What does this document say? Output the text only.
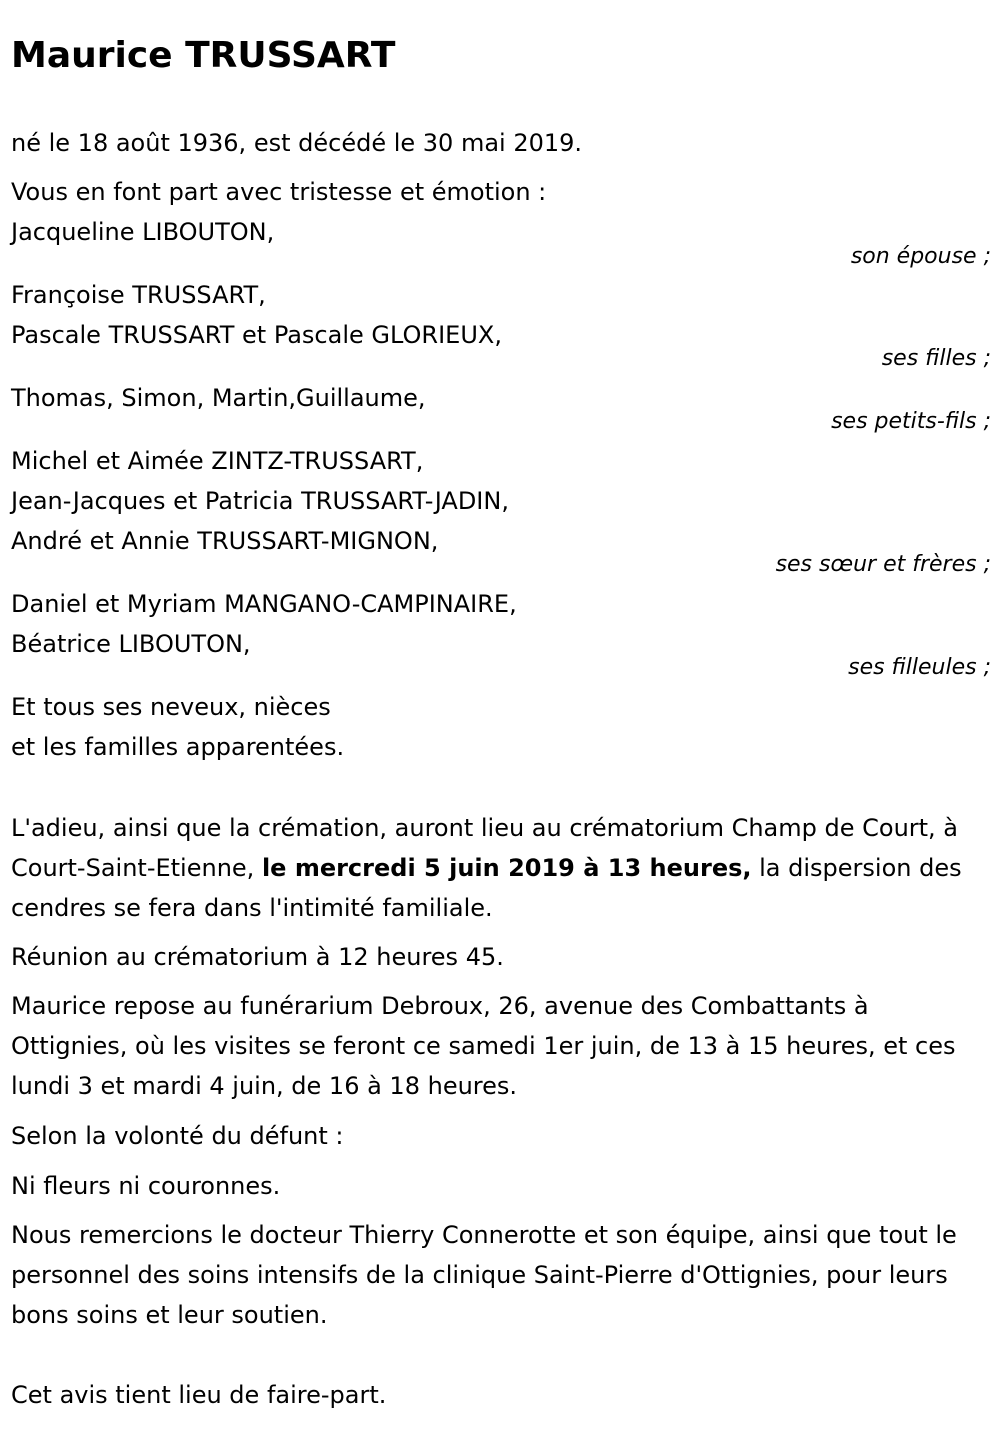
Maurice TRUSSART

né le 18 août 1936, est décédé le 30 mai 2019.

Vous en font part avec tristesse et émotion :

Jacqueline LIBOUTON,
son épouse ;
Françoise TRUSSART,
Pascale TRUSSART et Pascale GLORIEUX,
ses filles ;
Thomas, Simon, Martin,Guillaume,
ses petits-fils ;
Michel et Aimée ZINTZ-TRUSSART,
Jean-Jacques et Patricia TRUSSART-JADIN,
André et Annie TRUSSART-MIGNON,
ses sœur et frères ;
Daniel et Myriam MANGANO-CAMPINAIRE,
Béatrice LIBOUTON,
ses filleules ;
Et tous ses neveux, nièces
et les familles apparentées.

L'adieu, ainsi que la crémation, auront lieu au crématorium Champ de Court, à Court-Saint-Etienne, le mercredi 5 juin 2019 à 13 heures, la dispersion des cendres se fera dans l'intimité familiale.

Réunion au crématorium à 12 heures 45.

Maurice repose au funérarium Debroux, 26, avenue des Combattants à Ottignies, où les visites se feront ce samedi 1er juin, de 13 à 15 heures, et ces lundi 3 et mardi 4 juin, de 16 à 18 heures.

Selon la volonté du défunt :

Ni fleurs ni couronnes.

Nous remercions le docteur Thierry Connerotte et son équipe, ainsi que tout le personnel des soins intensifs de la clinique Saint-Pierre d'Ottignies, pour leurs bons soins et leur soutien.

Cet avis tient lieu de faire-part.
